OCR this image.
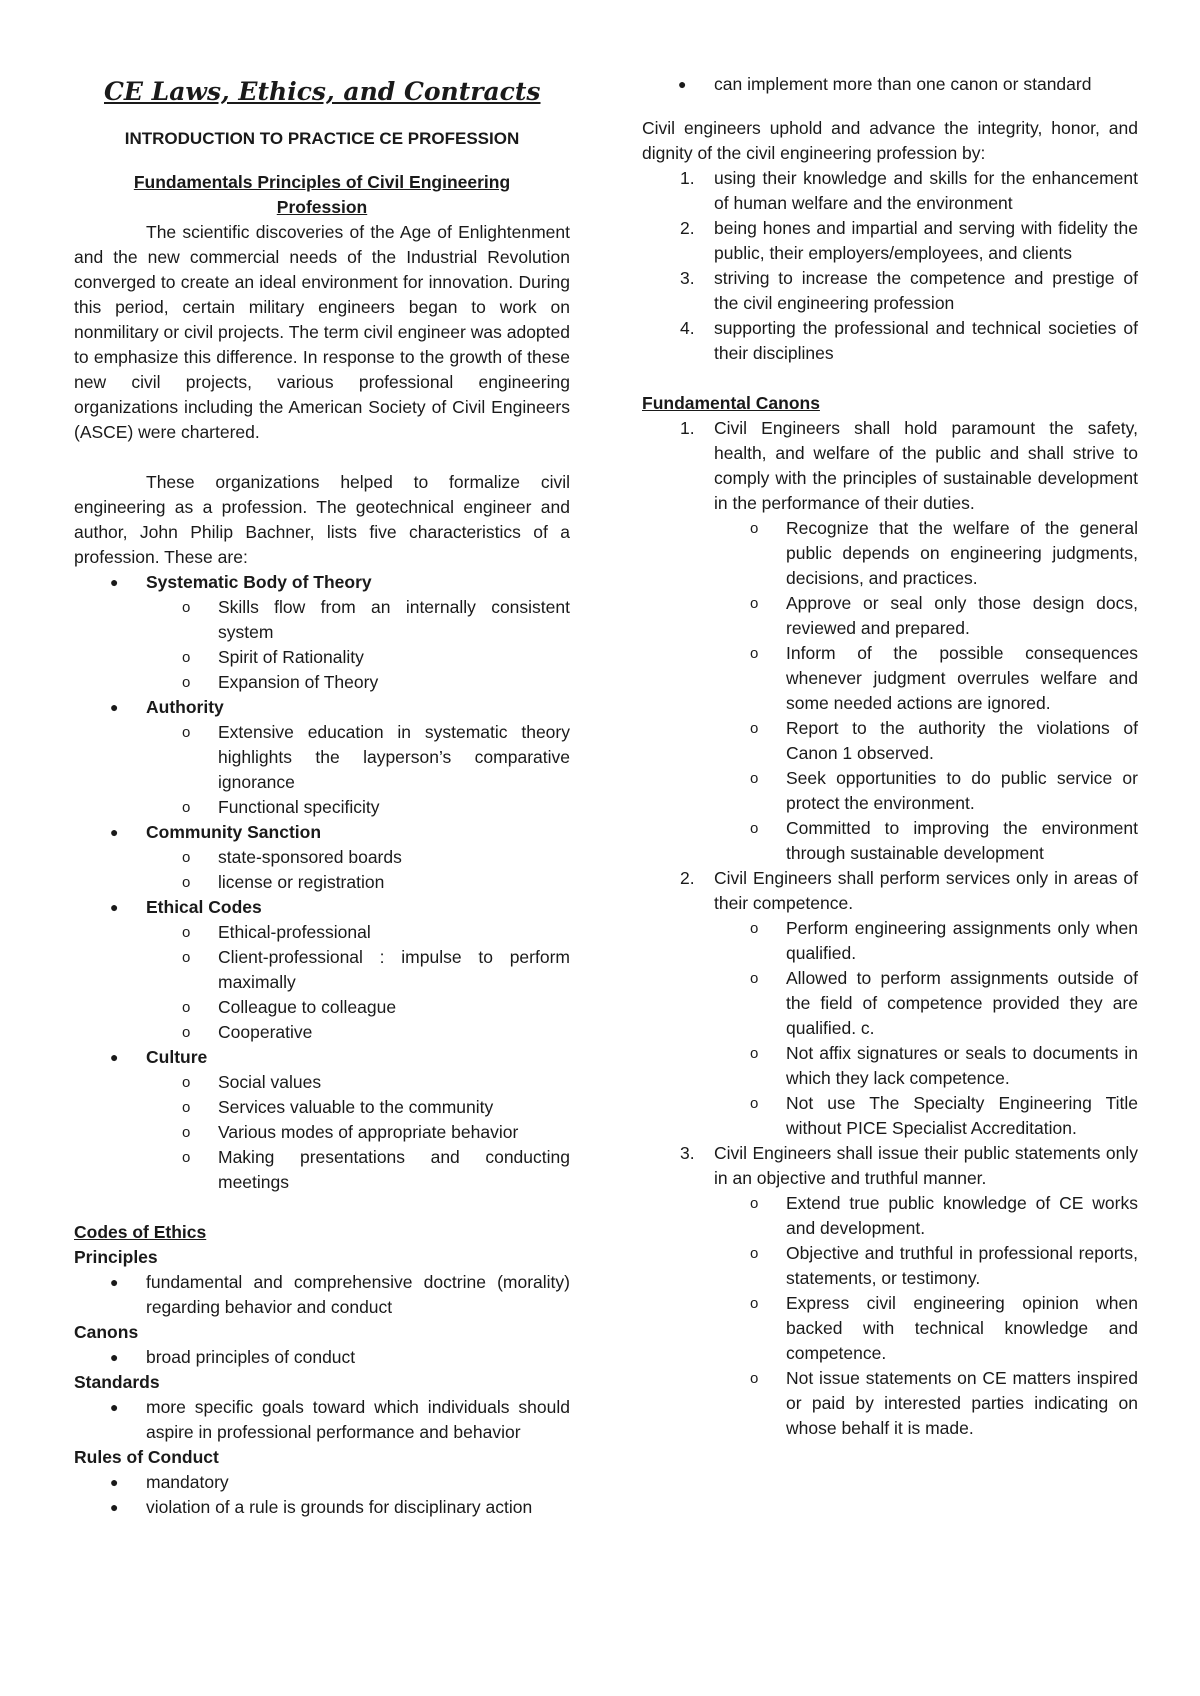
CE Laws, Ethics, and Contracts
INTRODUCTION TO PRACTICE CE PROFESSION
Fundamentals Principles of Civil Engineering
Profession
The scientific discoveries of the Age of Enlightenment and the new commercial needs of the Industrial Revolution converged to create an ideal environment for innovation. During this period, certain military engineers began to work on nonmilitary or civil projects. The term civil engineer was adopted to emphasize this difference. In response to the growth of these new civil projects, various professional engineering organizations including the American Society of Civil Engineers (ASCE) were chartered.
These organizations helped to formalize civil engineering as a profession. The geotechnical engineer and author, John Philip Bachner, lists five characteristics of a profession. These are:
● Systematic Body of Theory
o Skills flow from an internally consistent system
o Spirit of Rationality
o Expansion of Theory
● Authority
o Extensive education in systematic theory highlights the layperson’s comparative ignorance
o Functional specificity
● Community Sanction
o state-sponsored boards
o license or registration
● Ethical Codes
o Ethical-professional
o Client-professional : impulse to perform maximally
o Colleague to colleague
o Cooperative
● Culture
o Social values
o Services valuable to the community
o Various modes of appropriate behavior
o Making presentations and conducting meetings
Codes of Ethics
Principles
● fundamental and comprehensive doctrine (morality) regarding behavior and conduct
Canons
● broad principles of conduct
Standards
● more specific goals toward which individuals should aspire in professional performance and behavior
Rules of Conduct
● mandatory
● violation of a rule is grounds for disciplinary action
● can implement more than one canon or standard
Civil engineers uphold and advance the integrity, honor, and dignity of the civil engineering profession by:
1. using their knowledge and skills for the enhancement of human welfare and the environment
2. being hones and impartial and serving with fidelity the public, their employers/employees, and clients
3. striving to increase the competence and prestige of the civil engineering profession
4. supporting the professional and technical societies of their disciplines
Fundamental Canons
1. Civil Engineers shall hold paramount the safety, health, and welfare of the public and shall strive to comply with the principles of sustainable development in the performance of their duties.
o Recognize that the welfare of the general public depends on engineering judgments, decisions, and practices.
o Approve or seal only those design docs, reviewed and prepared.
o Inform of the possible consequences whenever judgment overrules welfare and some needed actions are ignored.
o Report to the authority the violations of Canon 1 observed.
o Seek opportunities to do public service or protect the environment.
o Committed to improving the environment through sustainable development
2. Civil Engineers shall perform services only in areas of their competence.
o Perform engineering assignments only when qualified.
o Allowed to perform assignments outside of the field of competence provided they are qualified. c.
o Not affix signatures or seals to documents in which they lack competence.
o Not use The Specialty Engineering Title without PICE Specialist Accreditation.
3. Civil Engineers shall issue their public statements only in an objective and truthful manner.
o Extend true public knowledge of CE works and development.
o Objective and truthful in professional reports, statements, or testimony.
o Express civil engineering opinion when backed with technical knowledge and competence.
o Not issue statements on CE matters inspired or paid by interested parties indicating on whose behalf it is made.
